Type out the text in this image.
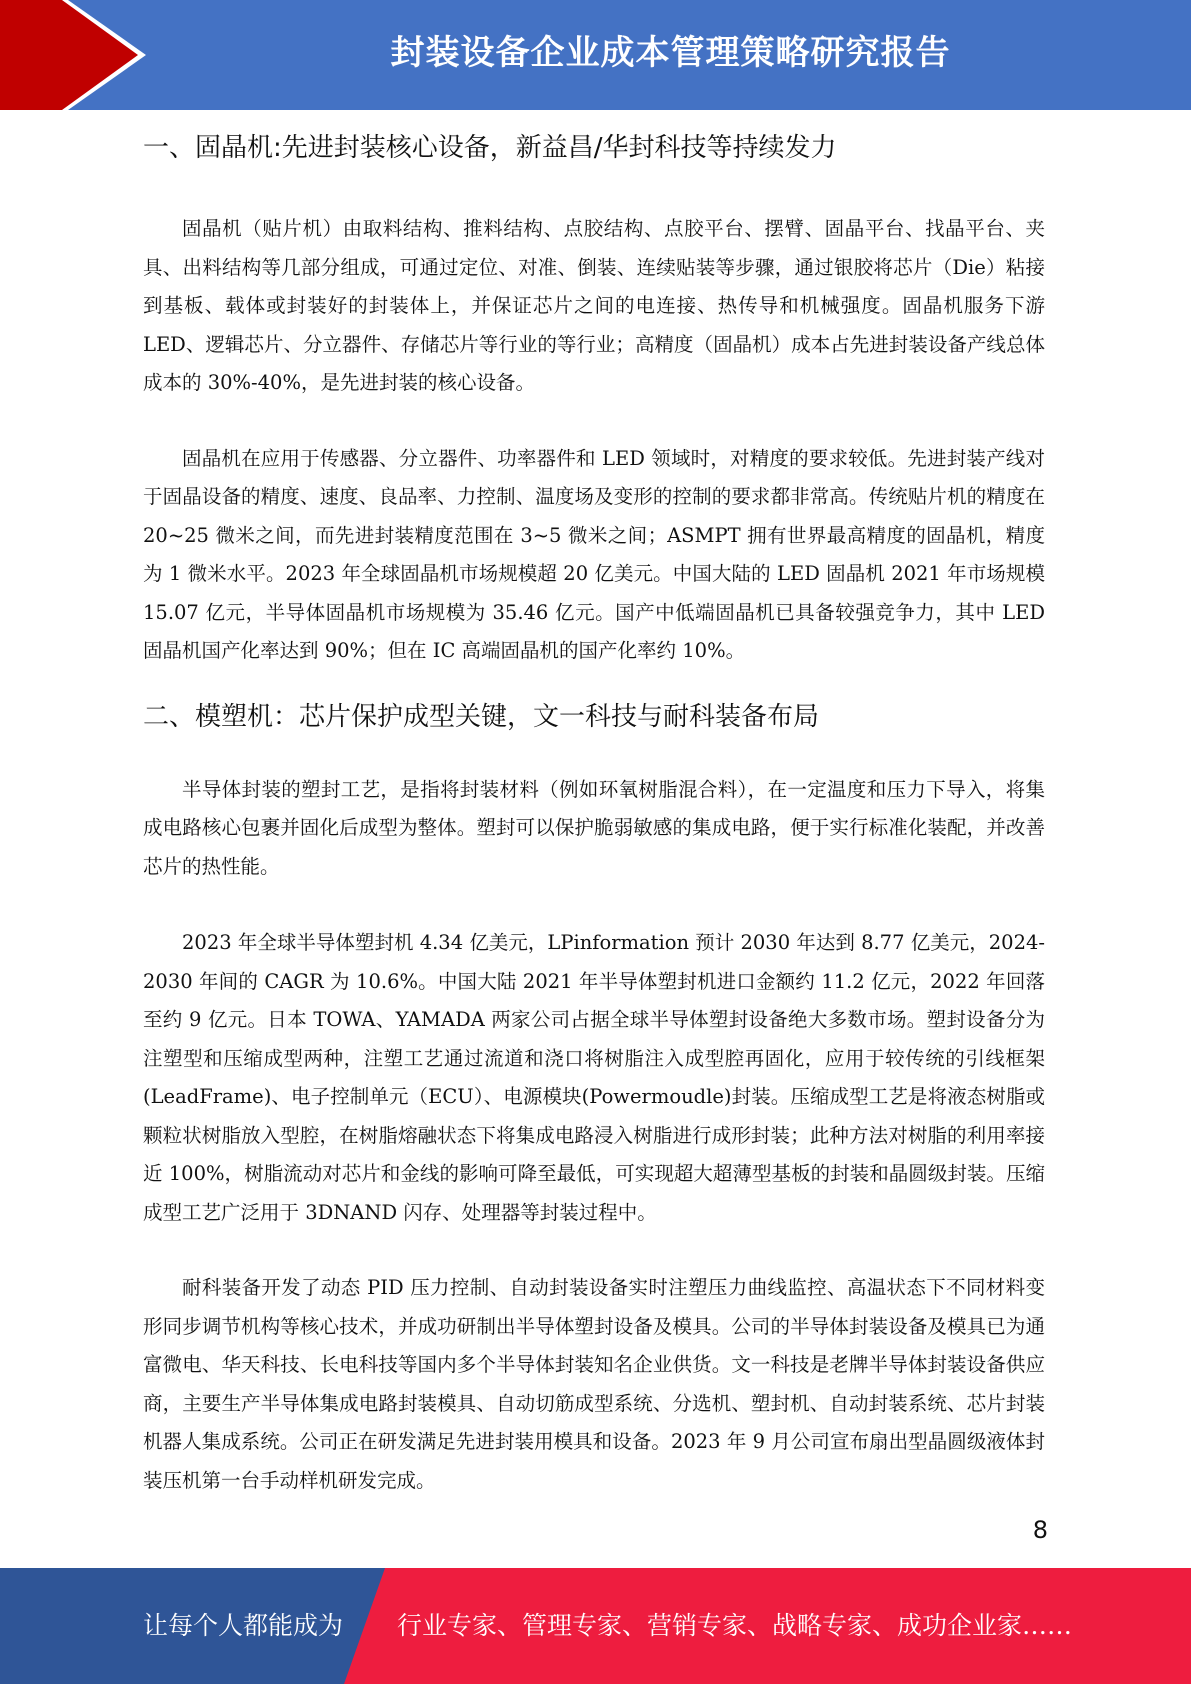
封装设备企业成本管理策略研究报告
一、固晶机:先进封装核心设备，新益昌/华封科技等持续发力

固晶机（贴片机）由取料结构、推料结构、点胶结构、点胶平台、摆臂、固晶平台、找晶平台、夹具、出料结构等几部分组成，可通过定位、对准、倒装、连续贴装等步骤，通过银胶将芯片（Die）粘接到基板、载体或封装好的封装体上，并保证芯片之间的电连接、热传导和机械强度。固晶机服务下游 LED、逻辑芯片、分立器件、存储芯片等行业的等行业；高精度（固晶机）成本占先进封装设备产线总体成本的 30%-40%，是先进封装的核心设备。

固晶机在应用于传感器、分立器件、功率器件和 LED 领域时，对精度的要求较低。先进封装产线对于固晶设备的精度、速度、良品率、力控制、温度场及变形的控制的要求都非常高。传统贴片机的精度在 20~25 微米之间，而先进封装精度范围在 3~5 微米之间；ASMPT 拥有世界最高精度的固晶机，精度为 1 微米水平。2023 年全球固晶机市场规模超 20 亿美元。中国大陆的 LED 固晶机 2021 年市场规模 15.07 亿元，半导体固晶机市场规模为 35.46 亿元。国产中低端固晶机已具备较强竞争力，其中 LED 固晶机国产化率达到 90%；但在 IC 高端固晶机的国产化率约 10%。

二、模塑机：芯片保护成型关键，文一科技与耐科装备布局

半导体封装的塑封工艺，是指将封装材料（例如环氧树脂混合料），在一定温度和压力下导入，将集成电路核心包裹并固化后成型为整体。塑封可以保护脆弱敏感的集成电路，便于实行标准化装配，并改善芯片的热性能。

2023 年全球半导体塑封机 4.34 亿美元，LPinformation 预计 2030 年达到 8.77 亿美元，2024-2030 年间的 CAGR 为 10.6%。中国大陆 2021 年半导体塑封机进口金额约 11.2 亿元，2022 年回落至约 9 亿元。日本 TOWA、YAMADA 两家公司占据全球半导体塑封设备绝大多数市场。塑封设备分为注塑型和压缩成型两种，注塑工艺通过流道和浇口将树脂注入成型腔再固化，应用于较传统的引线框架(LeadFrame)、电子控制单元（ECU）、电源模块(Powermoudle)封装。压缩成型工艺是将液态树脂或颗粒状树脂放入型腔，在树脂熔融状态下将集成电路浸入树脂进行成形封装；此种方法对树脂的利用率接近 100%，树脂流动对芯片和金线的影响可降至最低，可实现超大超薄型基板的封装和晶圆级封装。压缩成型工艺广泛用于 3DNAND 闪存、处理器等封装过程中。

耐科装备开发了动态 PID 压力控制、自动封装设备实时注塑压力曲线监控、高温状态下不同材料变形同步调节机构等核心技术，并成功研制出半导体塑封设备及模具。公司的半导体封装设备及模具已为通富微电、华天科技、长电科技等国内多个半导体封装知名企业供货。文一科技是老牌半导体封装设备供应商，主要生产半导体集成电路封装模具、自动切筋成型系统、分选机、塑封机、自动封装系统、芯片封装机器人集成系统。公司正在研发满足先进封装用模具和设备。2023 年 9 月公司宣布扇出型晶圆级液体封装压机第一台手动样机研发完成。

8
让每个人都能成为 行业专家、管理专家、营销专家、战略专家、成功企业家……
